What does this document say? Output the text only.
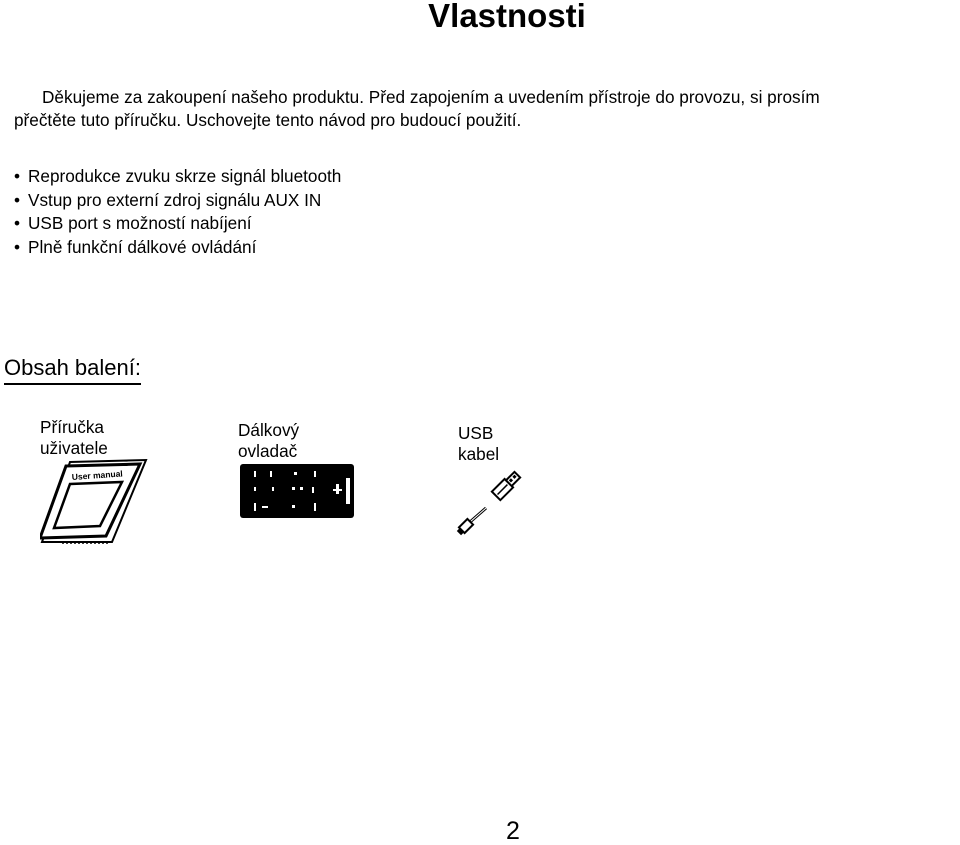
Vlastnosti
Děkujeme za zakoupení našeho produktu. Před zapojením a uvedením přístroje do provozu, si prosím
přečtěte tuto příručku. Uschovejte tento návod pro budoucí použití.
• Reprodukce zvuku skrze signál bluetooth
• Vstup pro externí zdroj signálu AUX IN
• USB port s možností nabíjení
• Plně funkční dálkové ovládání
Obsah balení:
Příručka
uživatele
User manual
Dálkový
ovladač
USB
kabel
2
